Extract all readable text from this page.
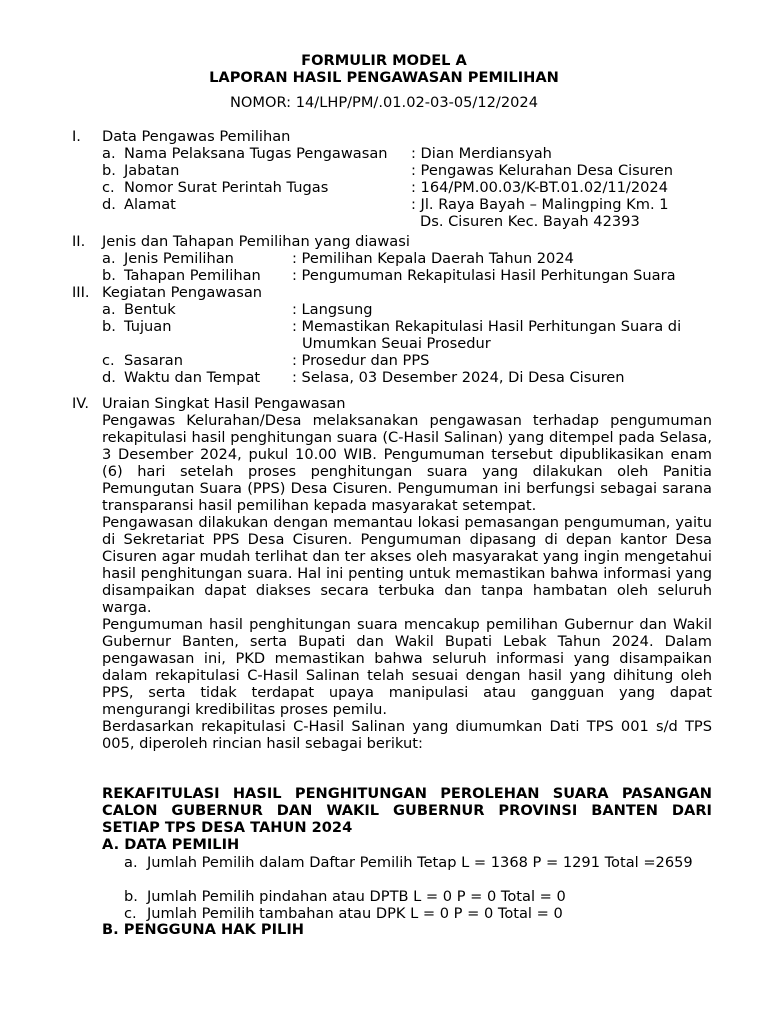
FORMULIR MODEL A
LAPORAN HASIL PENGAWASAN PEMILIHAN
NOMOR: 14/LHP/PM/.01.02-03-05/12/2024
I. Data Pengawas Pemilihan
a. Nama Pelaksana Tugas Pengawasan : Dian Merdiansyah
b. Jabatan	: Pengawas Kelurahan Desa Cisuren
c. Nomor Surat Perintah Tugas	: 164/PM.00.03/K-BT.01.02/11/2024
d. Alamat	: Jl. Raya Bayah – Malingping Km. 1
Ds. Cisuren Kec. Bayah 42393
II. Jenis dan Tahapan Pemilihan yang diawasi
a. Jenis Pemilihan	: Pemilihan Kepala Daerah Tahun 2024
b. Tahapan Pemilihan : Pengumuman Rekapitulasi Hasil Perhitungan Suara
III. Kegiatan Pengawasan
a. Bentuk	: Langsung
b. Tujuan	: Memastikan Rekapitulasi Hasil Perhitungan Suara di
Umumkan Seuai Prosedur
c. Sasaran	: Prosedur dan PPS
d. Waktu dan Tempat : Selasa, 03 Desember 2024, Di Desa Cisuren
IV. Uraian Singkat Hasil Pengawasan

Pengawas Kelurahan/Desa melaksanakan pengawasan terhadap pengumuman rekapitulasi hasil penghitungan suara (C-Hasil Salinan) yang ditempel pada Selasa, 3 Desember 2024, pukul 10.00 WIB. Pengumuman tersebut dipublikasikan enam (6) hari setelah proses penghitungan suara yang dilakukan oleh Panitia Pemungutan Suara (PPS) Desa Cisuren. Pengumuman ini berfungsi sebagai sarana transparansi hasil pemilihan kepada masyarakat setempat.

Pengawasan dilakukan dengan memantau lokasi pemasangan pengumuman, yaitu di Sekretariat PPS Desa Cisuren. Pengumuman dipasang di depan kantor Desa Cisuren agar mudah terlihat dan ter akses oleh masyarakat yang ingin mengetahui hasil penghitungan suara. Hal ini penting untuk memastikan bahwa informasi yang disampaikan dapat diakses secara terbuka dan tanpa hambatan oleh seluruh warga.

Pengumuman hasil penghitungan suara mencakup pemilihan Gubernur dan Wakil Gubernur Banten, serta Bupati dan Wakil Bupati Lebak Tahun 2024. Dalam pengawasan ini, PKD memastikan bahwa seluruh informasi yang disampaikan dalam rekapitulasi C-Hasil Salinan telah sesuai dengan hasil yang dihitung oleh PPS, serta tidak terdapat upaya manipulasi atau gangguan yang dapat mengurangi kredibilitas proses pemilu.

Berdasarkan rekapitulasi C-Hasil Salinan yang diumumkan Dati TPS 001 s/d TPS 005, diperoleh rincian hasil sebagai berikut:

REKAFITULASI HASIL PENGHITUNGAN PEROLEHAN SUARA PASANGAN CALON GUBERNUR DAN WAKIL GUBERNUR PROVINSI BANTEN DARI SETIAP TPS DESA TAHUN 2024
A. DATA PEMILIH
a. Jumlah Pemilih dalam Daftar Pemilih Tetap L = 1368 P = 1291 Total =2659
b. Jumlah Pemilih pindahan atau DPTB L = 0 P = 0 Total = 0
c. Jumlah Pemilih tambahan atau DPK L = 0 P = 0 Total = 0
B. PENGGUNA HAK PILIH
